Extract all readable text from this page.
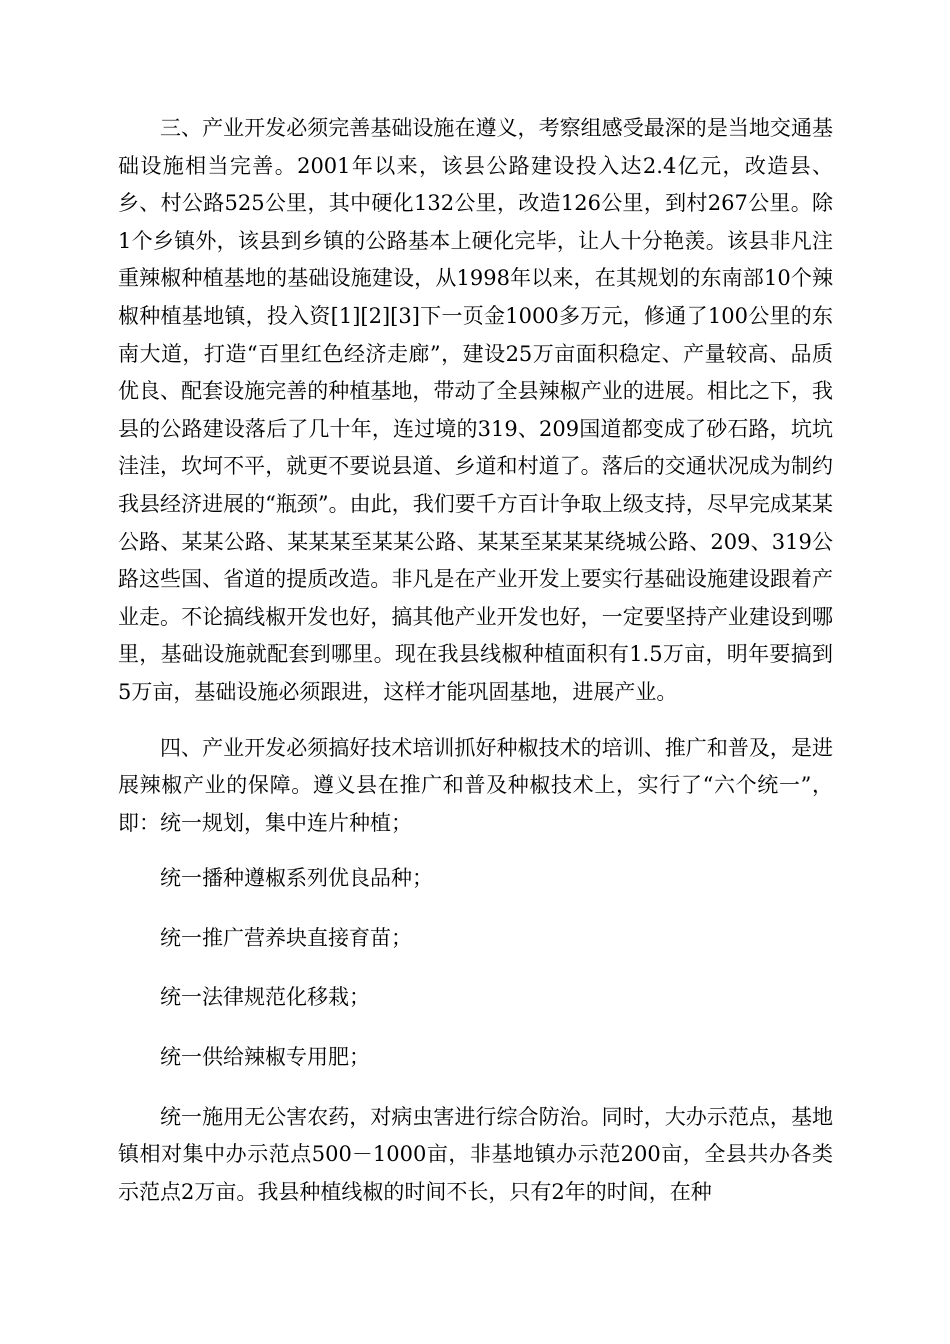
三、产业开发必须完善基础设施在遵义，考察组感受最深的是当地交通基础设施相当完善。2001年以来，该县公路建设投入达2.4亿元，改造县、乡、村公路525公里，其中硬化132公里，改造126公里，到村267公里。除1个乡镇外，该县到乡镇的公路基本上硬化完毕，让人十分艳羡。该县非凡注重辣椒种植基地的基础设施建设，从1998年以来，在其规划的东南部10个辣椒种植基地镇，投入资[1][2][3]下一页金1000多万元，修通了100公里的东南大道，打造“百里红色经济走廊”，建设25万亩面积稳定、产量较高、品质优良、配套设施完善的种植基地，带动了全县辣椒产业的进展。相比之下，我县的公路建设落后了几十年，连过境的319、209国道都变成了砂石路，坑坑洼洼，坎坷不平，就更不要说县道、乡道和村道了。落后的交通状况成为制约我县经济进展的“瓶颈”。由此，我们要千方百计争取上级支持，尽早完成某某公路、某某公路、某某某至某某公路、某某至某某某绕城公路、209、319公路这些国、省道的提质改造。非凡是在产业开发上要实行基础设施建设跟着产业走。不论搞线椒开发也好，搞其他产业开发也好，一定要坚持产业建设到哪里，基础设施就配套到哪里。现在我县线椒种植面积有1.5万亩，明年要搞到5万亩，基础设施必须跟进，这样才能巩固基地，进展产业。

四、产业开发必须搞好技术培训抓好种椒技术的培训、推广和普及，是进展辣椒产业的保障。遵义县在推广和普及种椒技术上，实行了“六个统一”，即：统一规划，集中连片种植；

统一播种遵椒系列优良品种；

统一推广营养块直接育苗；

统一法律规范化移栽；

统一供给辣椒专用肥；

统一施用无公害农药，对病虫害进行综合防治。同时，大办示范点，基地镇相对集中办示范点500－1000亩，非基地镇办示范200亩，全县共办各类示范点2万亩。我县种植线椒的时间不长，只有2年的时间，在种
